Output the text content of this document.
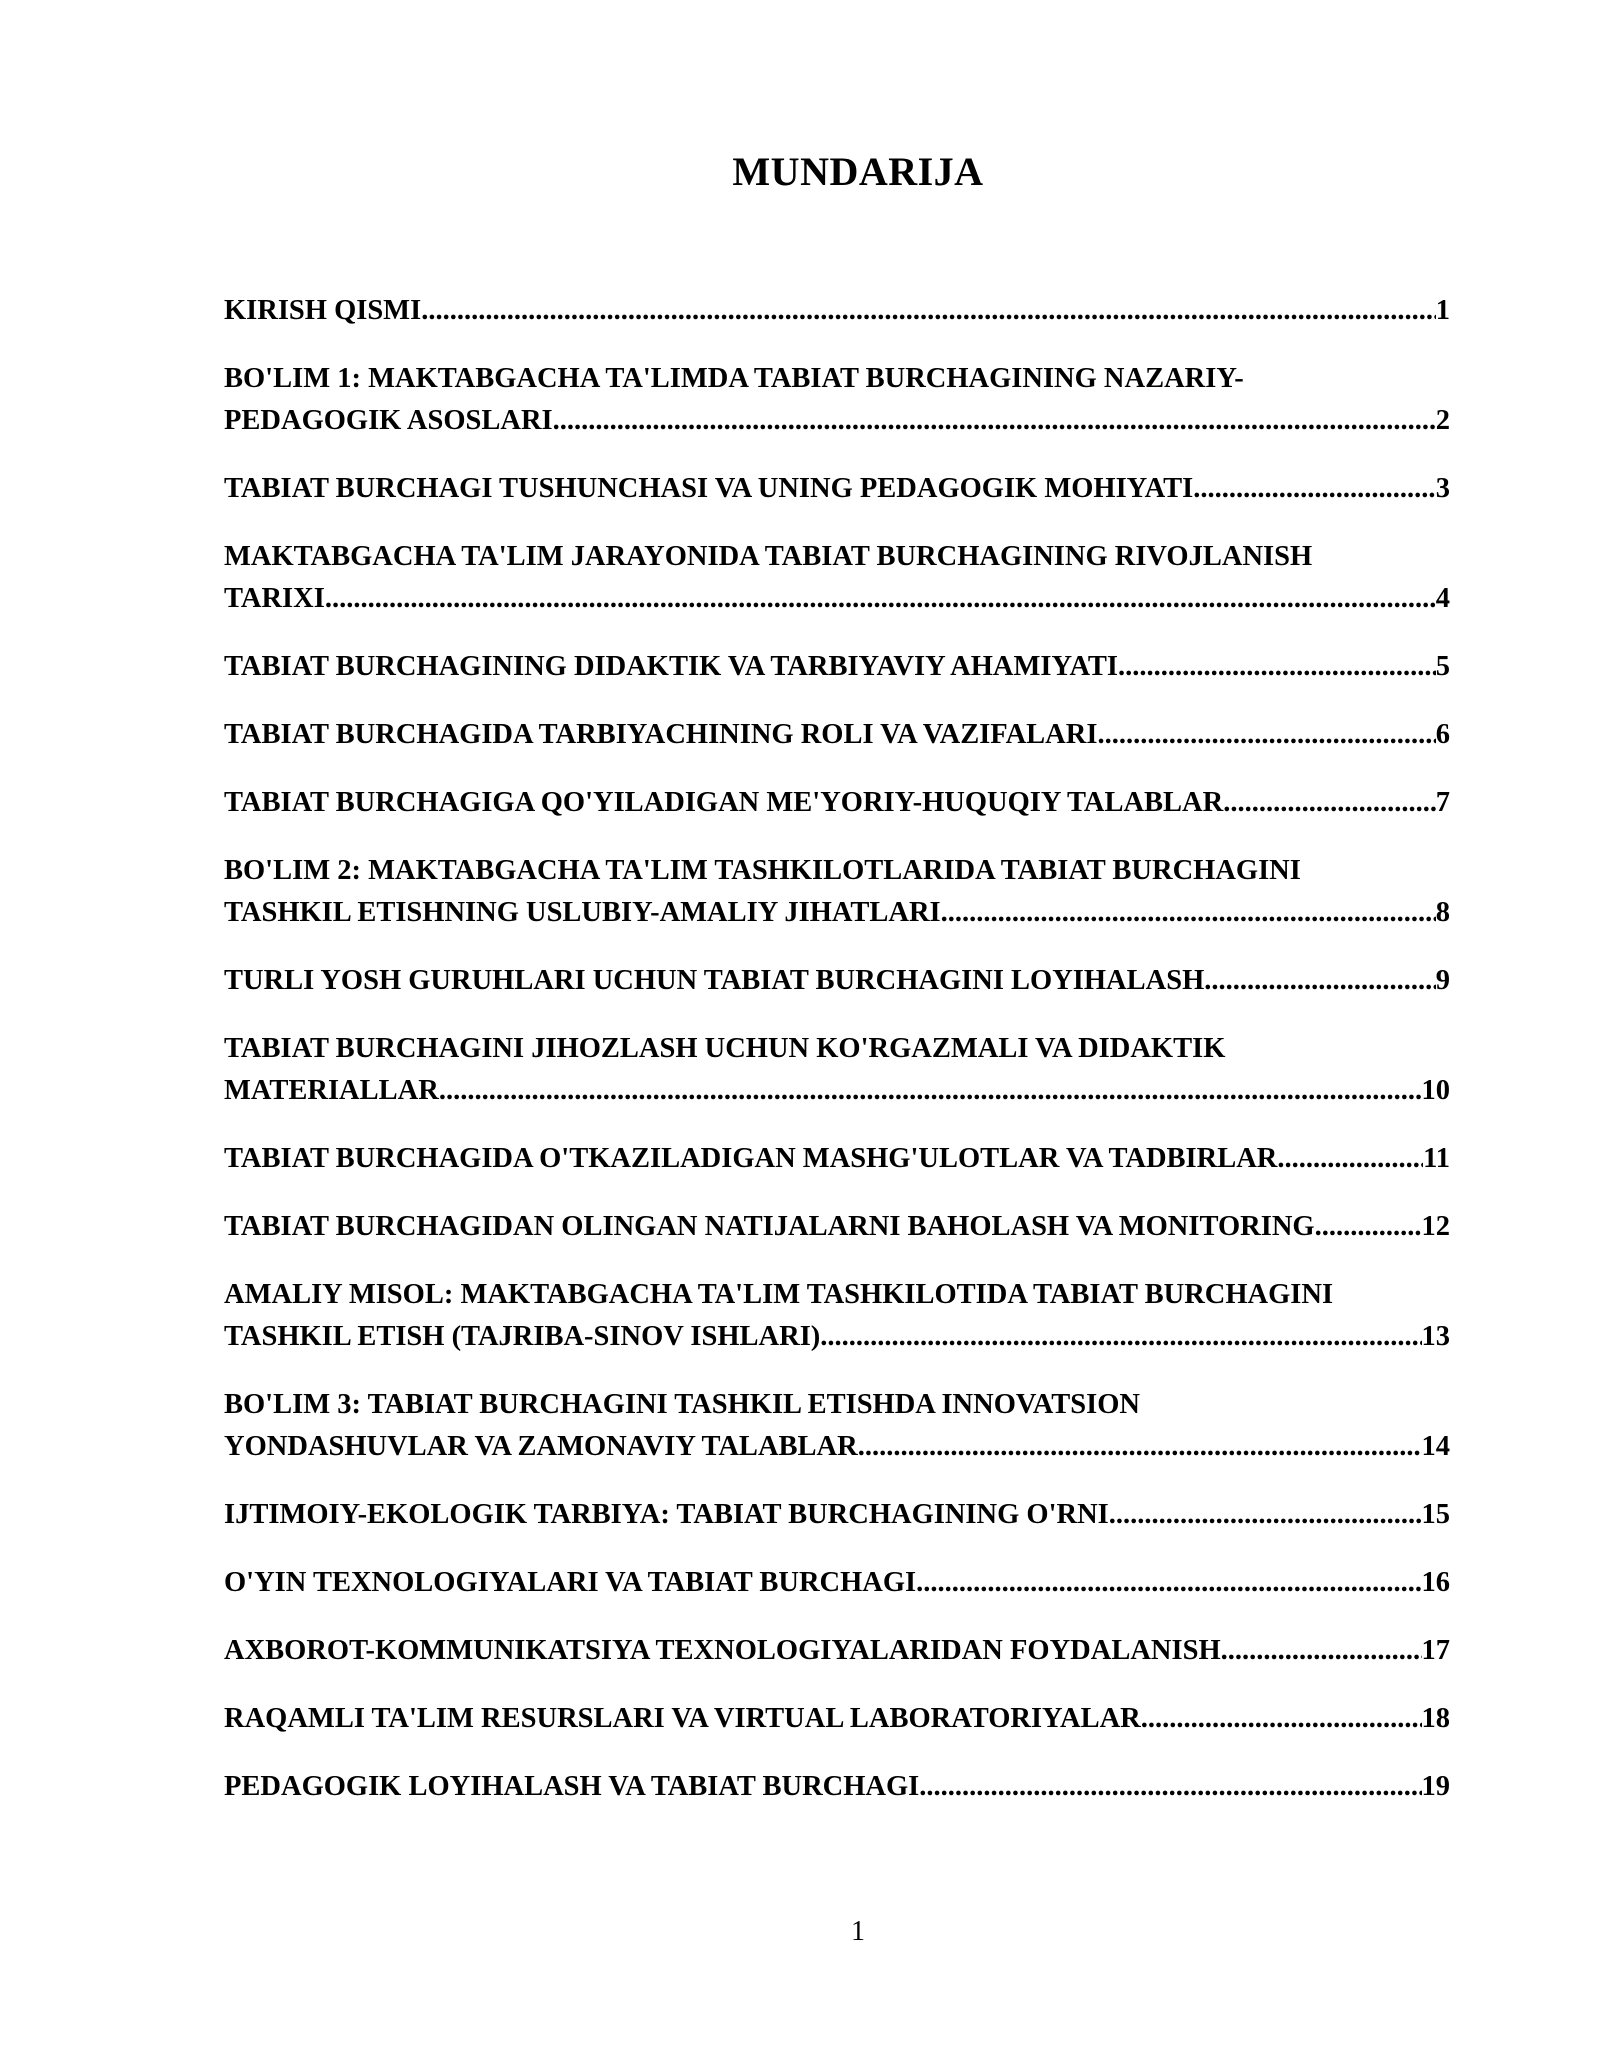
MUNDARIJA
KIRISH QISMI .....	1
BO'LIM 1: MAKTABGACHA TA'LIMDA TABIAT BURCHAGINING NAZARIY-
PEDAGOGIK ASOSLARI .....	2
TABIAT BURCHAGI TUSHUNCHASI VA UNING PEDAGOGIK MOHIYATI .....	3
MAKTABGACHA TA'LIM JARAYONIDA TABIAT BURCHAGINING RIVOJLANISH
TARIXI .....	4
TABIAT BURCHAGINING DIDAKTIK VA TARBIYAVIY AHAMIYATI .....	5
TABIAT BURCHAGIDA TARBIYACHINING ROLI VA VAZIFALARI .....	6
TABIAT BURCHAGIGA QO'YILADIGAN ME'YORIY-HUQUQIY TALABLAR .....	7
BO'LIM 2: MAKTABGACHA TA'LIM TASHKILOTLARIDA TABIAT BURCHAGINI
TASHKIL ETISHNING USLUBIY-AMALIY JIHATLARI .....	8
TURLI YOSH GURUHLARI UCHUN TABIAT BURCHAGINI LOYIHALASH .....	9
TABIAT BURCHAGINI JIHOZLASH UCHUN KO'RGAZMALI VA DIDAKTIK
MATERIALLAR .....	10
TABIAT BURCHAGIDA O'TKAZILADIGAN MASHG'ULOTLAR VA TADBIRLAR .....	11
TABIAT BURCHAGIDAN OLINGAN NATIJALARNI BAHOLASH VA MONITORING .....	12
AMALIY MISOL: MAKTABGACHA TA'LIM TASHKILOTIDA TABIAT BURCHAGINI
TASHKIL ETISH (TAJRIBA-SINOV ISHLARI) .....	13
BO'LIM 3: TABIAT BURCHAGINI TASHKIL ETISHDA INNOVATSION
YONDASHUVLAR VA ZAMONAVIY TALABLAR .....	14
IJTIMOIY-EKOLOGIK TARBIYA: TABIAT BURCHAGINING O'RNI .....	15
O'YIN TEXNOLOGIYALARI VA TABIAT BURCHAGI .....	16
AXBOROT-KOMMUNIKATSIYA TEXNOLOGIYALARIDAN FOYDALANISH .....	17
RAQAMLI TA'LIM RESURSLARI VA VIRTUAL LABORATORIYALAR .....	18
PEDAGOGIK LOYIHALASH VA TABIAT BURCHAGI .....	19
1
